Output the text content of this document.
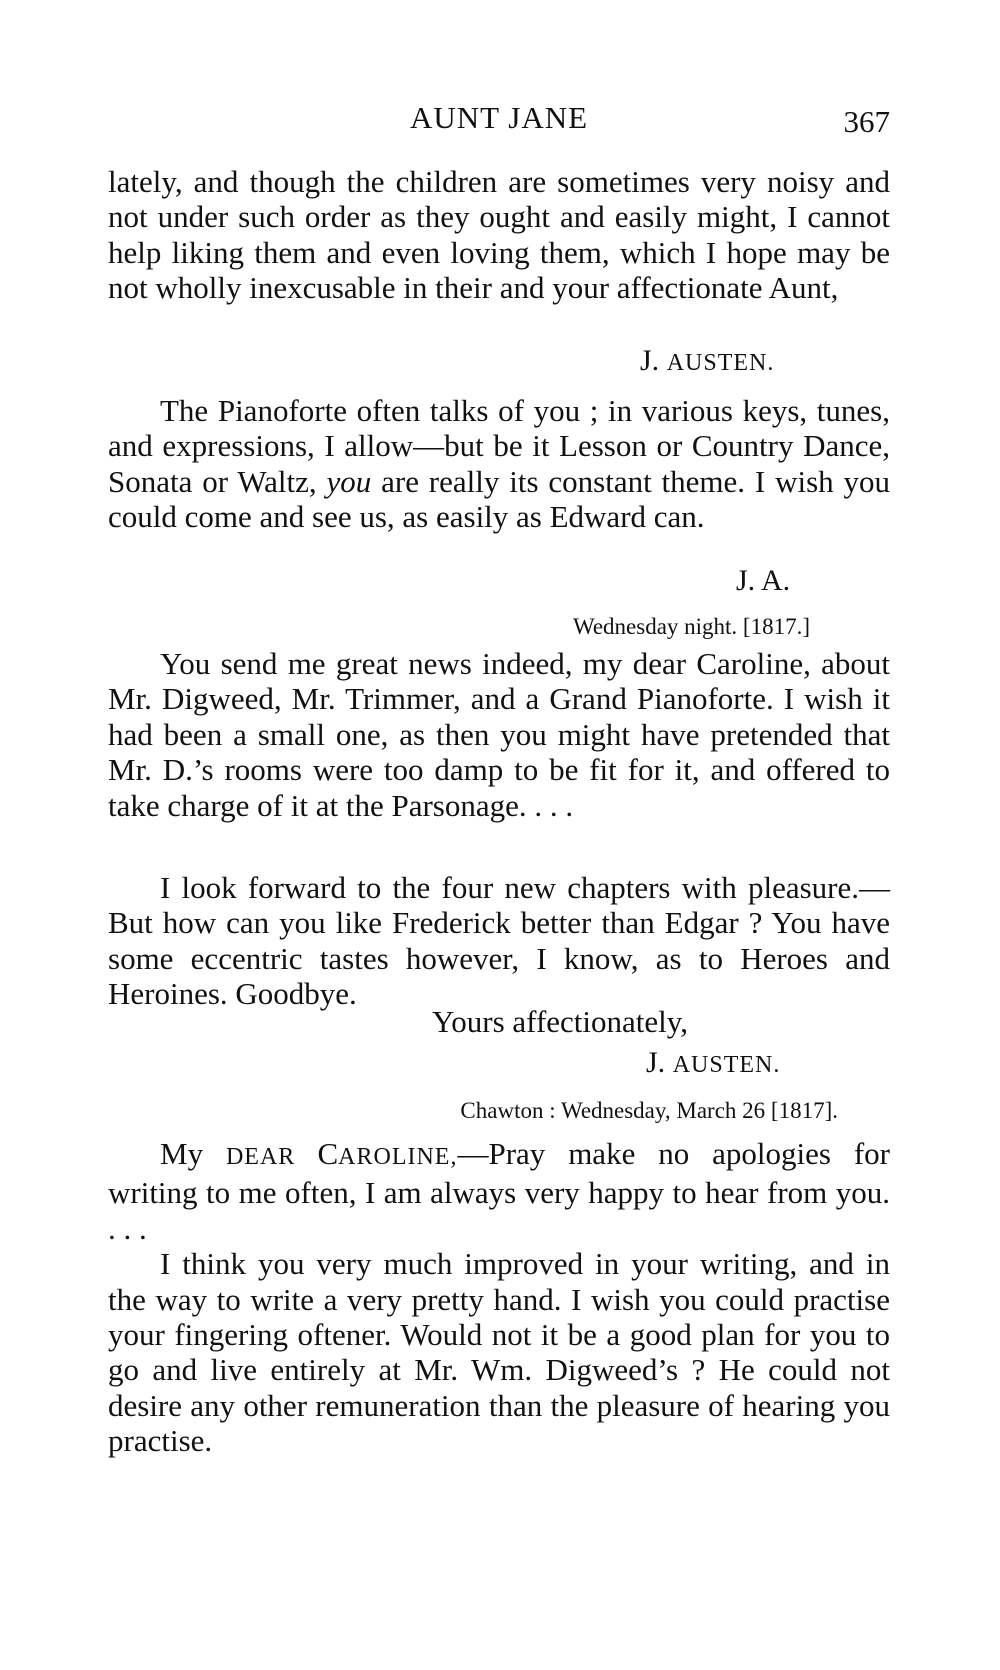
AUNT JANE	367

lately, and though the children are sometimes very noisy and not under such order as they ought and easily might, I cannot help liking them and even loving them, which I hope may be not wholly inexcusable in their and your affectionate Aunt,

J. AUSTEN.

The Pianoforte often talks of you ; in various keys, tunes, and expressions, I allow—but be it Lesson or Country Dance, Sonata or Waltz, you are really its constant theme. I wish you could come and see us, as easily as Edward can.

J. A.
Wednesday night. [1817.]

You send me great news indeed, my dear Caroline, about Mr. Digweed, Mr. Trimmer, and a Grand Pianoforte. I wish it had been a small one, as then you might have pretended that Mr. D.’s rooms were too damp to be fit for it, and offered to take charge of it at the Parsonage. . . .

I look forward to the four new chapters with pleasure.—But how can you like Frederick better than Edgar ? You have some eccentric tastes however, I know, as to Heroes and Heroines. Goodbye.

Yours affectionately,
J. AUSTEN.
Chawton : Wednesday, March 26 [1817].

My DEAR CAROLINE,—Pray make no apologies for writing to me often, I am always very happy to hear from you. . . .

I think you very much improved in your writing, and in the way to write a very pretty hand. I wish you could practise your fingering oftener. Would not it be a good plan for you to go and live entirely at Mr. Wm. Digweed’s ? He could not desire any other remuneration than the pleasure of hearing you practise.
